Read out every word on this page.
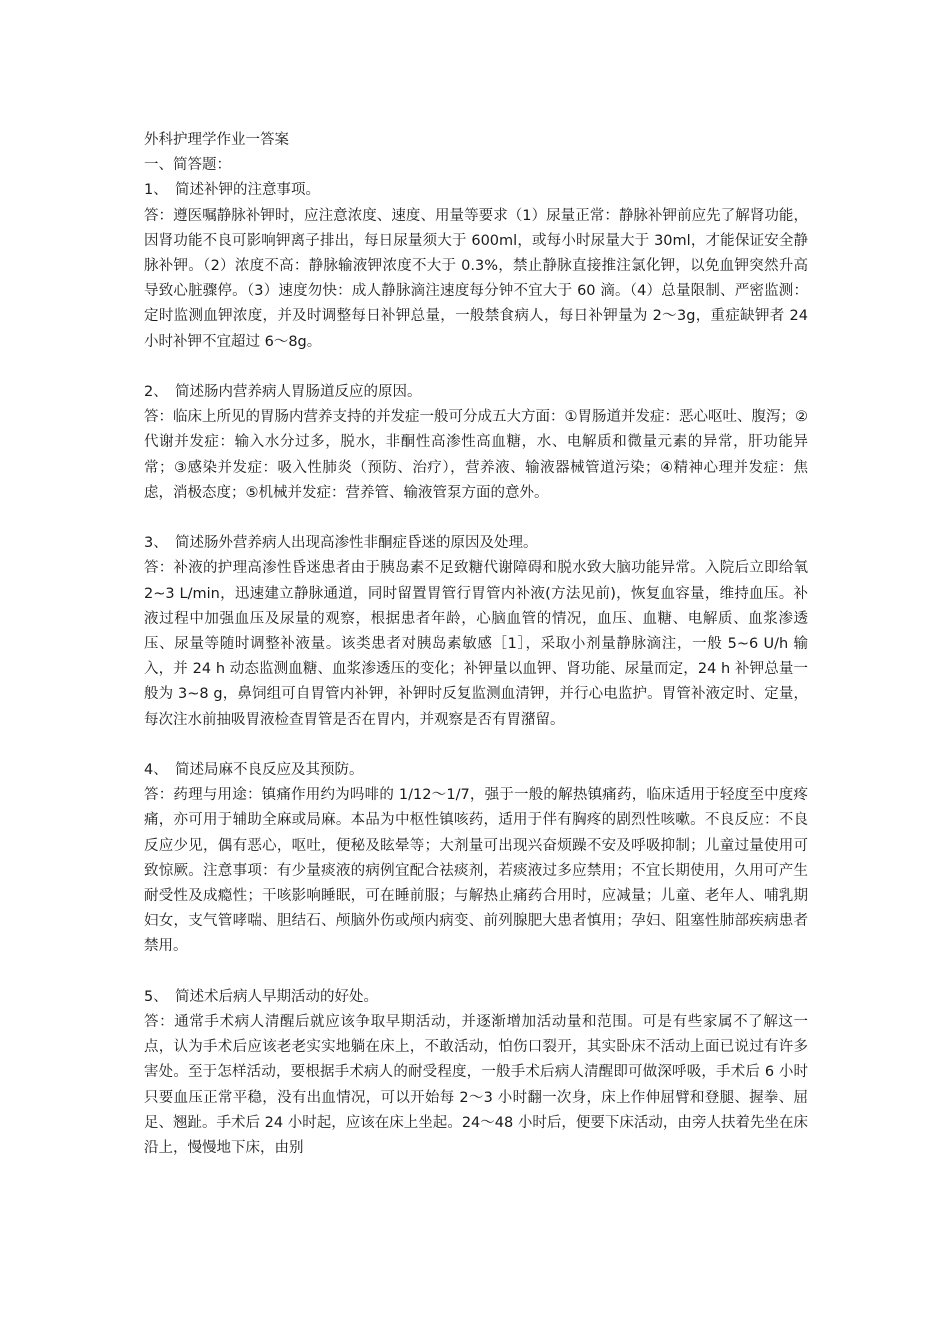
外科护理学作业一答案

一、简答题：

1、　简述补钾的注意事项。

答：遵医嘱静脉补钾时，应注意浓度、速度、用量等要求（1）尿量正常：静脉补钾前应先了解肾功能，因肾功能不良可影响钾离子排出，每日尿量须大于 600ml，或每小时尿量大于 30ml，才能保证安全静脉补钾。（2）浓度不高：静脉输液钾浓度不大于 0.3%，禁止静脉直接推注氯化钾，以免血钾突然升高导致心脏骤停。（3）速度勿快：成人静脉滴注速度每分钟不宜大于 60 滴。（4）总量限制、严密监测：定时监测血钾浓度，并及时调整每日补钾总量，一般禁食病人，每日补钾量为 2～3g，重症缺钾者 24 小时补钾不宜超过 6～8g。

2、　简述肠内营养病人胃肠道反应的原因。

答：临床上所见的胃肠内营养支持的并发症一般可分成五大方面：①胃肠道并发症：恶心呕吐、腹泻；②代谢并发症：输入水分过多，脱水，非酮性高渗性高血糖，水、电解质和微量元素的异常，肝功能异常；③感染并发症：吸入性肺炎（预防、治疗），营养液、输液器械管道污染；④精神心理并发症：焦虑，消极态度；⑤机械并发症：营养管、输液管泵方面的意外。

3、　简述肠外营养病人出现高渗性非酮症昏迷的原因及处理。

答：补液的护理高渗性昏迷患者由于胰岛素不足致糖代谢障碍和脱水致大脑功能异常。入院后立即给氧 2~3 L/min，迅速建立静脉通道，同时留置胃管行胃管内补液(方法见前)，恢复血容量，维持血压。补液过程中加强血压及尿量的观察，根据患者年龄，心脑血管的情况，血压、血糖、电解质、血浆渗透压、尿量等随时调整补液量。该类患者对胰岛素敏感［1］，采取小剂量静脉滴注，一般 5~6 U/h 输入，并 24 h 动态监测血糖、血浆渗透压的变化；补钾量以血钾、肾功能、尿量而定，24 h 补钾总量一般为 3~8 g，鼻饲组可自胃管内补钾，补钾时反复监测血清钾，并行心电监护。胃管补液定时、定量，每次注水前抽吸胃液检查胃管是否在胃内，并观察是否有胃潴留。

4、　简述局麻不良反应及其预防。

答：药理与用途：镇痛作用约为吗啡的 1/12～1/7，强于一般的解热镇痛药，临床适用于轻度至中度疼痛，亦可用于辅助全麻或局麻。本品为中枢性镇咳药，适用于伴有胸疼的剧烈性咳嗽。不良反应：不良反应少见，偶有恶心，呕吐，便秘及眩晕等；大剂量可出现兴奋烦躁不安及呼吸抑制；儿童过量使用可致惊厥。注意事项：有少量痰液的病例宜配合祛痰剂，若痰液过多应禁用；不宜长期使用，久用可产生耐受性及成瘾性；干咳影响睡眠，可在睡前服；与解热止痛药合用时，应减量；儿童、老年人、哺乳期妇女，支气管哮喘、胆结石、颅脑外伤或颅内病变、前列腺肥大患者慎用；孕妇、阻塞性肺部疾病患者禁用。

5、　简述术后病人早期活动的好处。

答：通常手术病人清醒后就应该争取早期活动，并逐渐增加活动量和范围。可是有些家属不了解这一点，认为手术后应该老老实实地躺在床上，不敢活动，怕伤口裂开，其实卧床不活动上面已说过有许多害处。至于怎样活动，要根据手术病人的耐受程度，一般手术后病人清醒即可做深呼吸，手术后 6 小时只要血压正常平稳，没有出血情况，可以开始每 2～3 小时翻一次身，床上作伸屈臂和登腿、握拳、屈足、翘趾。手术后 24 小时起，应该在床上坐起。24～48 小时后，便要下床活动，由旁人扶着先坐在床沿上，慢慢地下床，由别
